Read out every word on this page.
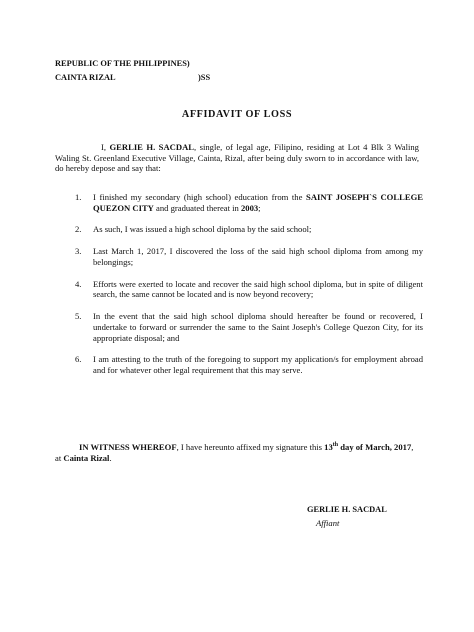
REPUBLIC OF THE PHILIPPINES)
CAINTA RIZAL	)SS
AFFIDAVIT OF LOSS
I, GERLIE H. SACDAL, single, of legal age, Filipino, residing at Lot 4 Blk 3 Waling Waling St. Greenland Executive Village, Cainta, Rizal, after being duly sworn to in accordance with law, do hereby depose and say that:
1.	I finished my secondary (high school) education from the SAINT JOSEPH`S COLLEGE QUEZON CITY and graduated thereat in 2003;
2.	As such, I was issued a high school diploma by the said school;
3.	Last March 1, 2017, I discovered the loss of the said high school diploma from among my belongings;
4.	Efforts were exerted to locate and recover the said high school diploma, but in spite of diligent search, the same cannot be located and is now beyond recovery;
5.	In the event that the said high school diploma should hereafter be found or recovered, I undertake to forward or surrender the same to the Saint Joseph's College Quezon City, for its appropriate disposal; and
6.	I am attesting to the truth of the foregoing to support my application/s for employment abroad and for whatever other legal requirement that this may serve.
IN WITNESS WHEREOF, I have hereunto affixed my signature this 13th day of March, 2017, at Cainta Rizal.
GERLIE H. SACDAL
Affiant
